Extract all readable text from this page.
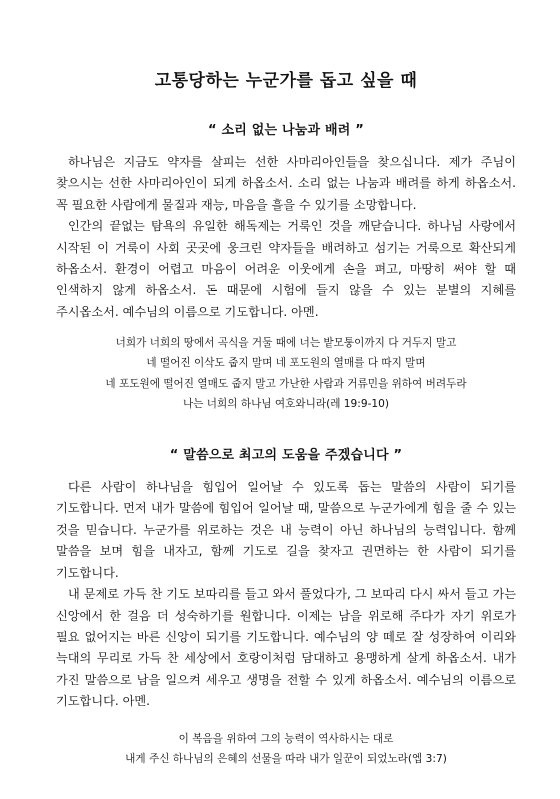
고통당하는 누군가를 돕고 싶을 때
“ 소리 없는 나눔과 배려 ”

하나님은 지금도 약자를 살피는 선한 사마리아인들을 찾으십니다. 제가 주님이 찾으시는 선한 사마리아인이 되게 하옵소서. 소리 없는 나눔과 배려를 하게 하옵소서. 꼭 필요한 사람에게 물질과 재능, 마음을 흘을 수 있기를 소망합니다.

인간의 끝없는 탐욕의 유일한 해독제는 거룩인 것을 깨닫습니다. 하나님 사랑에서 시작된 이 거룩이 사회 곳곳에 웅크린 약자들을 배려하고 섬기는 거룩으로 확산되게 하옵소서. 환경이 어렵고 마음이 어려운 이웃에게 손을 펴고, 마땅히 써야 할 때 인색하지 않게 하옵소서. 돈 때문에 시험에 들지 않을 수 있는 분별의 지혜를 주시옵소서. 예수님의 이름으로 기도합니다. 아멘.

너희가 너희의 땅에서 곡식을 거둘 때에 너는 밭모퉁이까지 다 거두지 말고
네 떨어진 이삭도 줍지 말며 네 포도원의 열매를 다 따지 말며
네 포도원에 떨어진 열매도 줍지 말고 가난한 사람과 거류민을 위하여 버려두라
나는 너희의 하나님 여호와니라(레 19:9-10)
“ 말씀으로 최고의 도움을 주겠습니다 ”

다른 사람이 하나님을 힘입어 일어날 수 있도록 돕는 말씀의 사람이 되기를 기도합니다. 먼저 내가 말씀에 힘입어 일어날 때, 말씀으로 누군가에게 힘을 줄 수 있는 것을 믿습니다. 누군가를 위로하는 것은 내 능력이 아닌 하나님의 능력입니다. 함께 말씀을 보며 힘을 내자고, 함께 기도로 길을 찾자고 권면하는 한 사람이 되기를 기도합니다.

내 문제로 가득 찬 기도 보따리를 들고 와서 풀었다가, 그 보따리 다시 싸서 들고 가는 신앙에서 한 걸음 더 성숙하기를 원합니다. 이제는 남을 위로해 주다가 자기 위로가 필요 없어지는 바른 신앙이 되기를 기도합니다. 예수님의 양 떼로 잘 성장하여 이리와 늑대의 무리로 가득 찬 세상에서 호랑이처럼 담대하고 용맹하게 살게 하옵소서. 내가 가진 말씀으로 남을 일으켜 세우고 생명을 전할 수 있게 하옵소서. 예수님의 이름으로 기도합니다. 아멘.

이 복음을 위하여 그의 능력이 역사하시는 대로
내게 주신 하나님의 은혜의 선물을 따라 내가 일꾼이 되었노라(엡 3:7)
